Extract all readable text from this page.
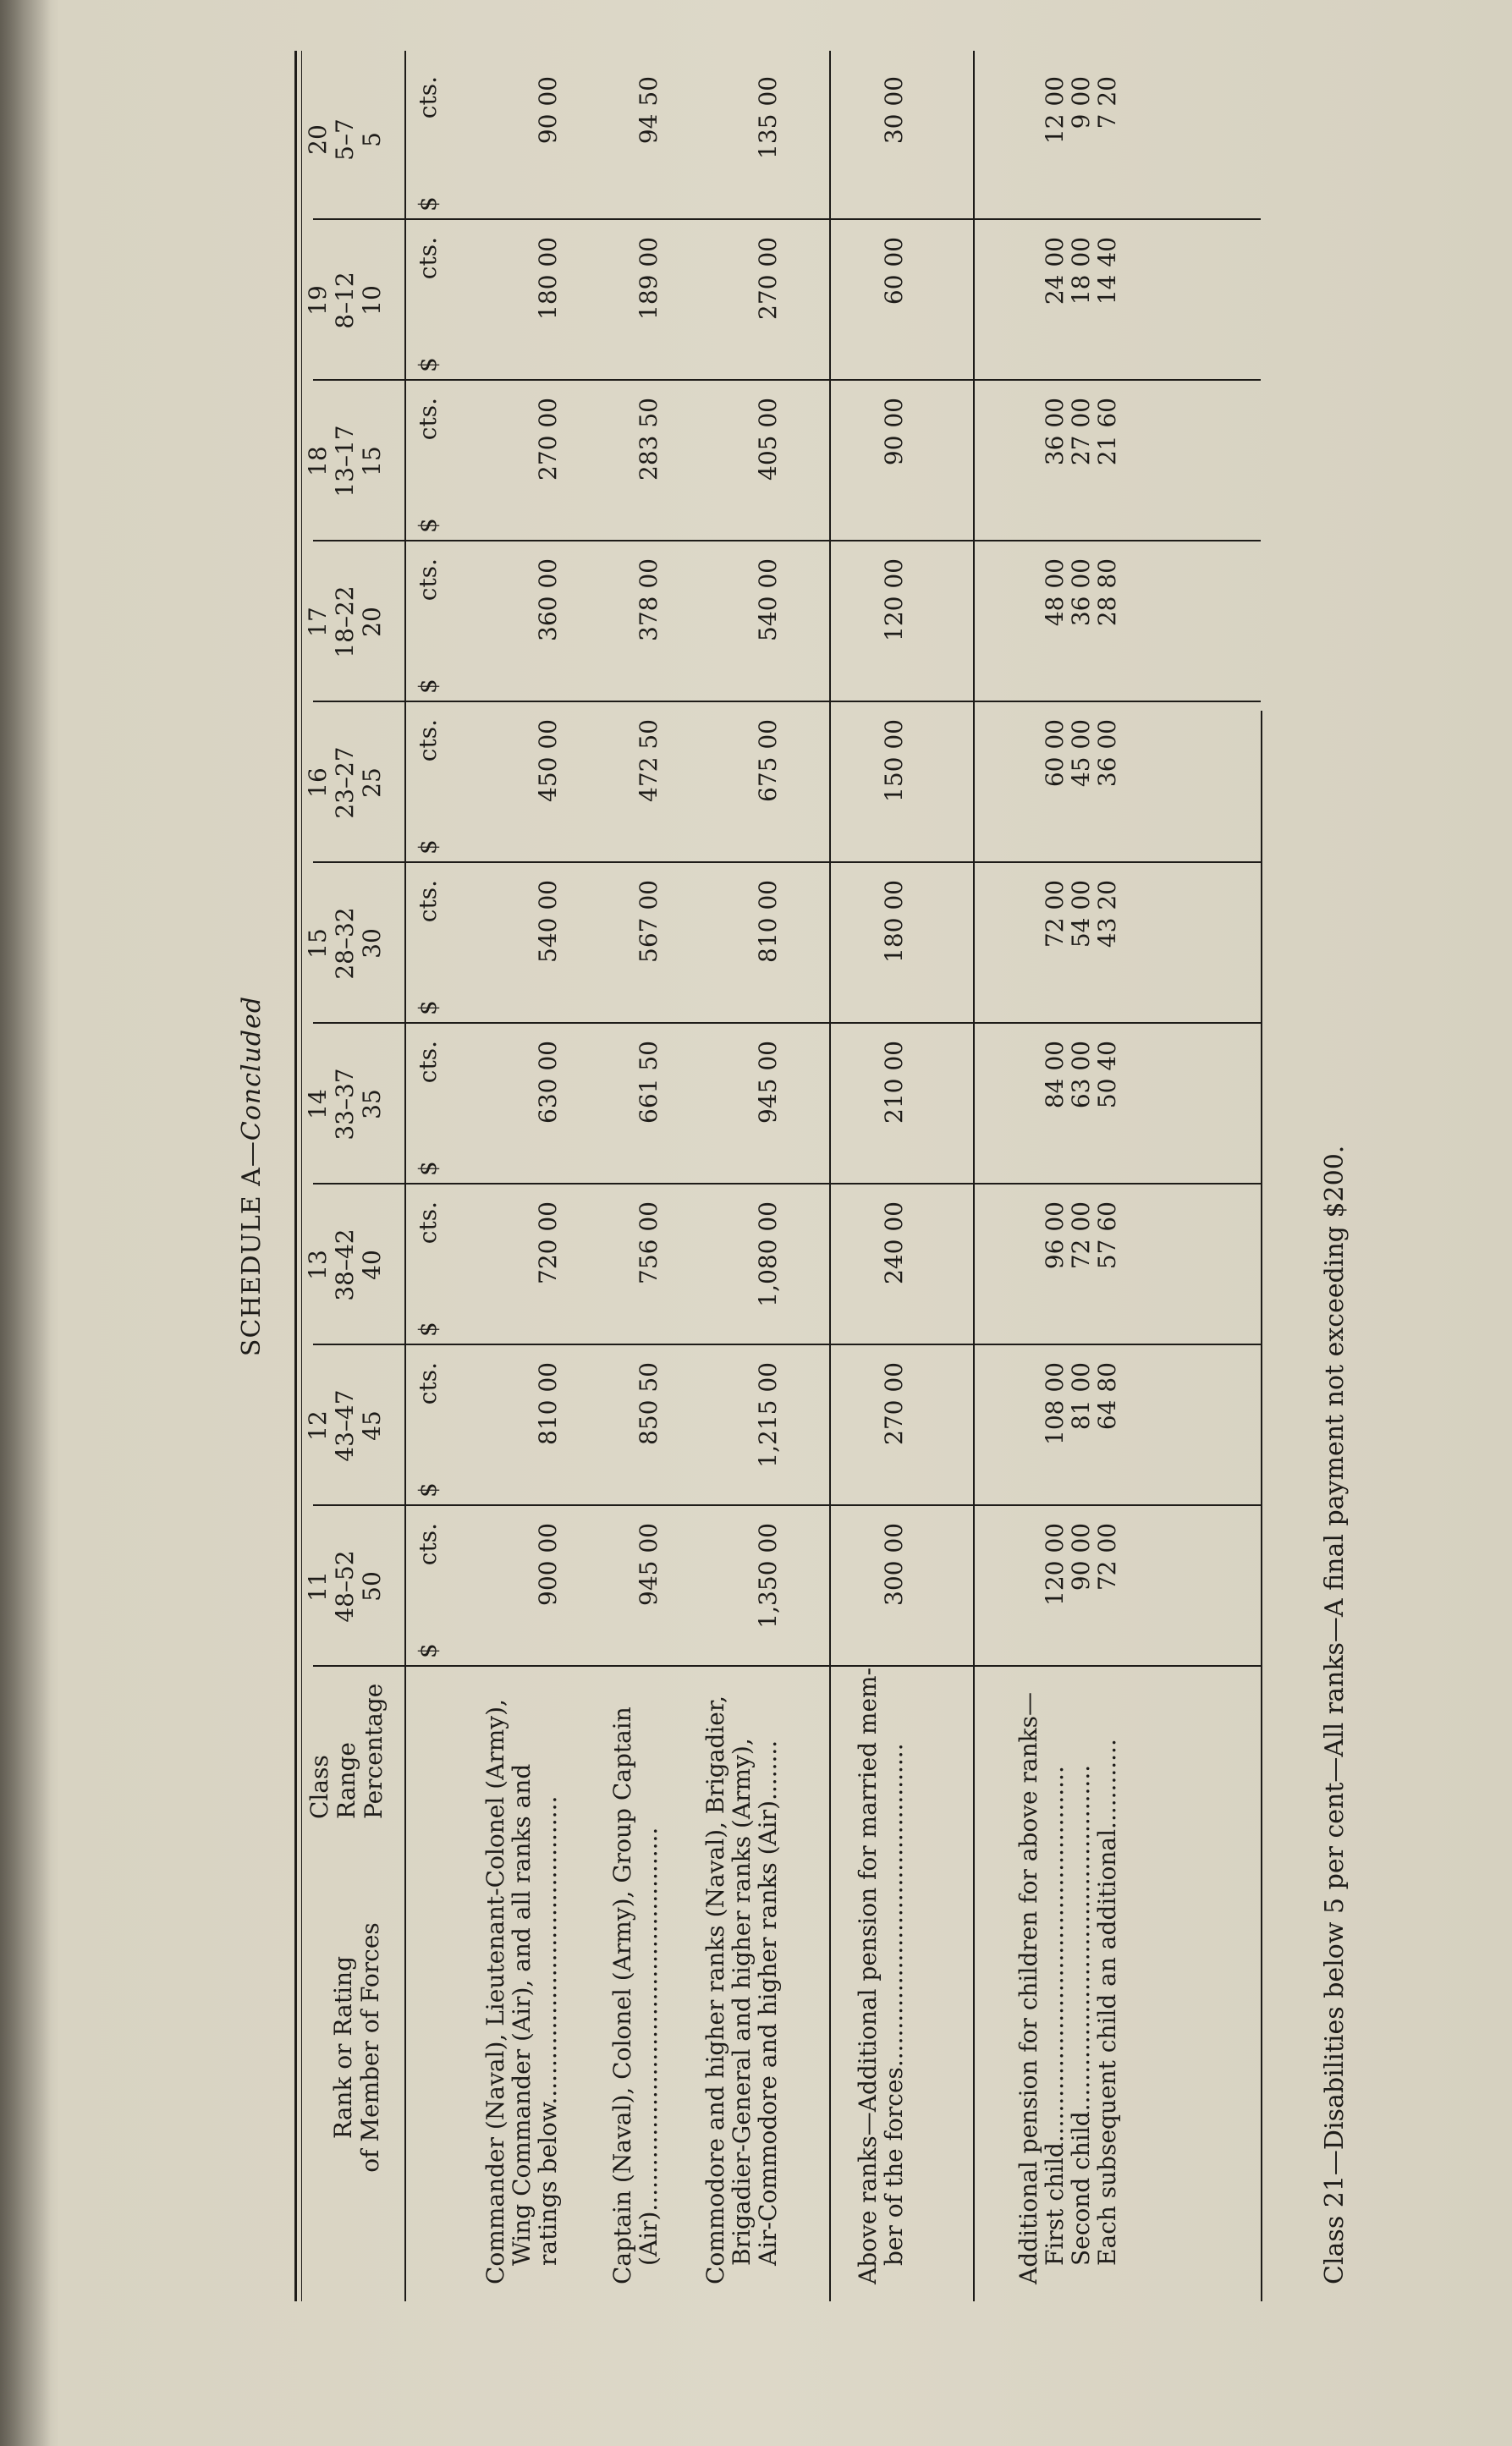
SCHEDULE A—Concluded
Rank or Rating of Member of Forces
Class Range Percentage
11 48–52 50
$
cts.
12 43–47 45
$
cts.
13 38–42 40
$
cts.
14 33–37 35
$
cts.
15 28–32 30
$
cts.
16 23–27 25
$
cts.
17 18–22 20
$
cts.
18 13–17 15
$
cts.
19 8–12 10
$
cts.
20 5–7 5
$
cts.
Commander (Naval), Lieutenant-Colonel (Army),
Wing Commander (Air), and all ranks and
ratings below......................................... Captain (Naval), Colonel (Army), Group Captain
(Air)................................................... Commodore and higher ranks (Naval), Brigadier,
Brigadier-General and higher ranks (Army),
Air-Commodore and higher ranks (Air)........	Above ranks—Additional pension for married mem-
ber of the forces...........................................
900 00
810 00
720 00
630 00
540 00
450 00
360 00
270 00
180 00
90 00
945 00
850 50
756 00
661 50
567 00
472 50
378 00
283 50
189 00
94 50
1,350 00
1,215 00
1,080 00
945 00
810 00
675 00
540 00
405 00
270 00
135 00
300 00
270 00
240 00
210 00
180 00
150 00
120 00
90 00
60 00
30 00
Additional pension for children for above ranks—
First child..................................................
Second child..............................................
Each subsequent child an additional............
120 00
90 00
72 00
108 00
81 00
64 80
96 00
72 00
57 60
84 00
63 00
50 40
72 00
54 00
43 20
60 00
45 00
36 00
48 00
36 00
28 80
36 00
27 00
21 60
24 00
18 00
14 40
12 00
9 00
7 20
Class 21—Disabilities below 5 per cent—All ranks—A final payment not exceeding $200.
